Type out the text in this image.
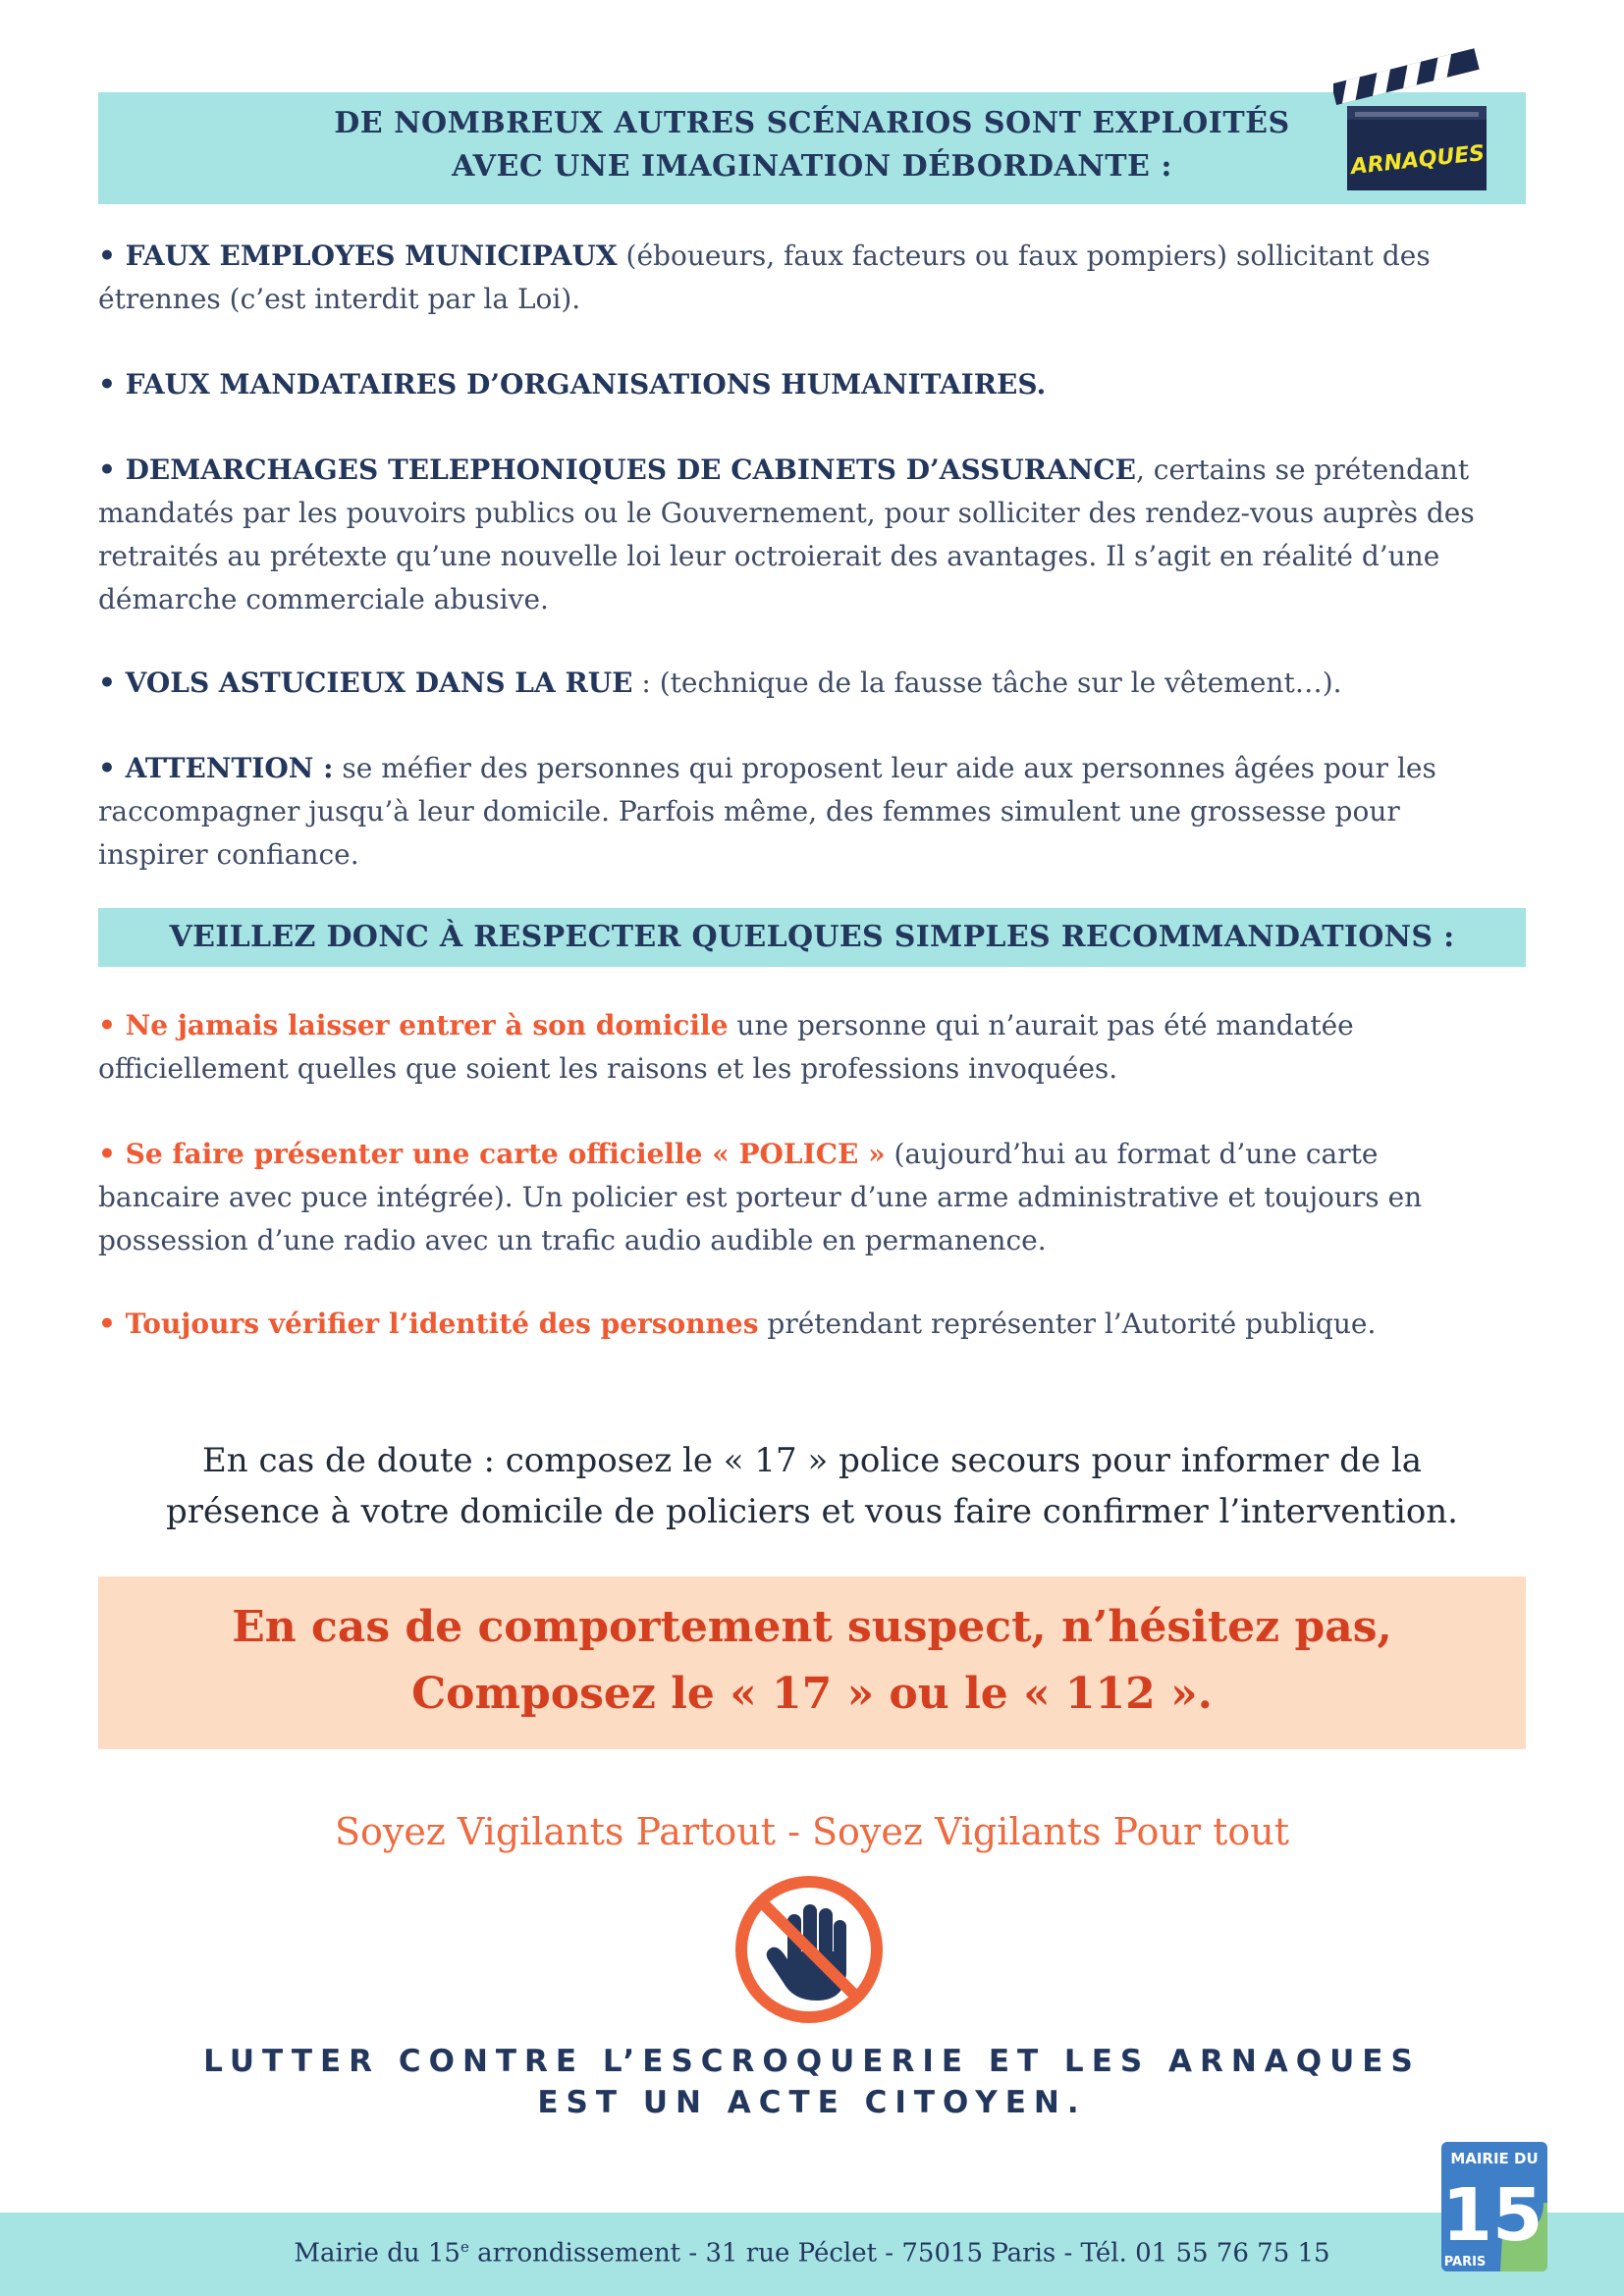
DE NOMBREUX AUTRES SCÉNARIOS SONT EXPLOITÉS
AVEC UNE IMAGINATION DÉBORDANTE :	ARNAQUES
• FAUX EMPLOYES MUNICIPAUX (éboueurs, faux facteurs ou faux pompiers) sollicitant des étrennes (c’est interdit par la Loi).
• FAUX MANDATAIRES D’ORGANISATIONS HUMANITAIRES.
• DEMARCHAGES TELEPHONIQUES DE CABINETS D’ASSURANCE, certains se prétendant mandatés par les pouvoirs publics ou le Gouvernement, pour solliciter des rendez-vous auprès des retraités au prétexte qu’une nouvelle loi leur octroierait des avantages. Il s’agit en réalité d’une démarche commerciale abusive.
• VOLS ASTUCIEUX DANS LA RUE : (technique de la fausse tâche sur le vêtement…).
• ATTENTION : se méfier des personnes qui proposent leur aide aux personnes âgées pour les raccompagner jusqu’à leur domicile. Parfois même, des femmes simulent une grossesse pour inspirer confiance.
VEILLEZ DONC À RESPECTER QUELQUES SIMPLES RECOMMANDATIONS :
• Ne jamais laisser entrer à son domicile une personne qui n’aurait pas été mandatée officiellement quelles que soient les raisons et les professions invoquées.
• Se faire présenter une carte officielle « POLICE » (aujourd’hui au format d’une carte bancaire avec puce intégrée). Un policier est porteur d’une arme administrative et toujours en possession d’une radio avec un trafic audio audible en permanence.
• Toujours vérifier l’identité des personnes prétendant représenter l’Autorité publique.
En cas de doute : composez le « 17 » police secours pour informer de la
présence à votre domicile de policiers et vous faire confirmer l’intervention.
En cas de comportement suspect, n’hésitez pas,
Composez le « 17 » ou le « 112 ».
Soyez Vigilants Partout - Soyez Vigilants Pour tout
LUTTER CONTRE L’ESCROQUERIE ET LES ARNAQUES
EST UN ACTE CITOYEN.
Mairie du 15e arrondissement - 31 rue Péclet - 75015 Paris - Tél. 01 55 76 75 15
MAIRIE DU
15
PARIS
